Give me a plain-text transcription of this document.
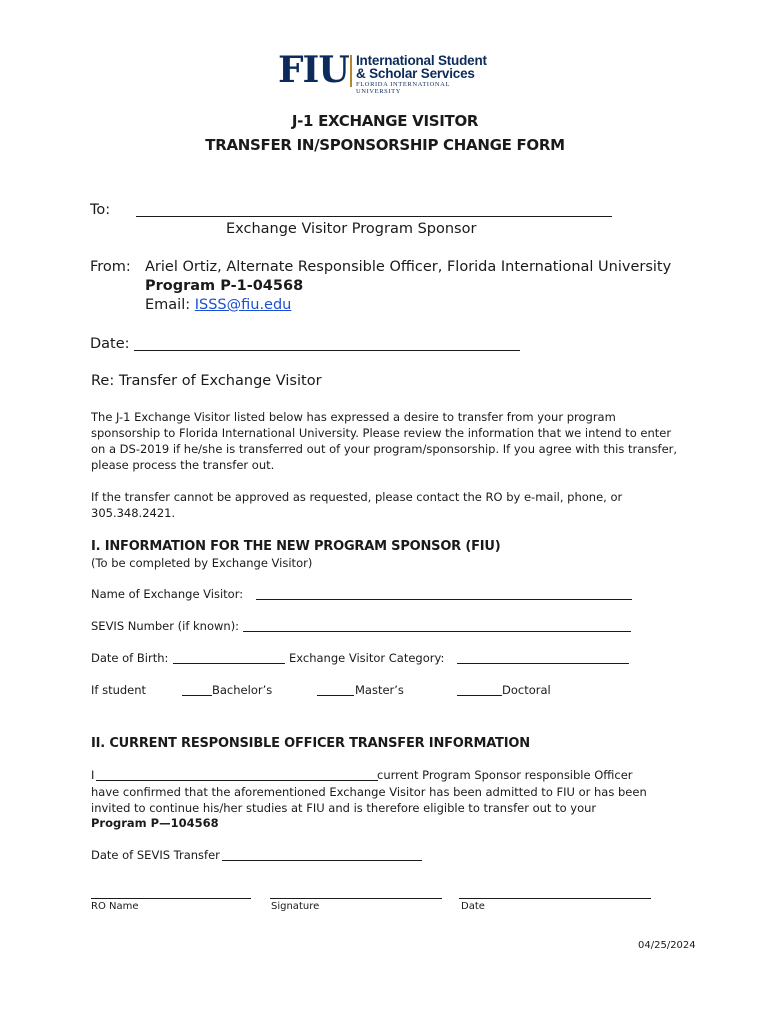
FIU International Student
& Scholar Services
FLORIDA INTERNATIONAL UNIVERSITY
J-1 EXCHANGE VISITOR
TRANSFER IN/SPONSORSHIP CHANGE FORM
To:
Exchange Visitor Program Sponsor
From: Ariel Ortiz, Alternate Responsible Officer, Florida International University
Program P-1-04568
Email: ISSS@fiu.edu
Date:
Re: Transfer of Exchange Visitor
The J-1 Exchange Visitor listed below has expressed a desire to transfer from your program sponsorship to Florida International University. Please review the information that we intend to enter on a DS-2019 if he/she is transferred out of your program/sponsorship. If you agree with this transfer, please process the transfer out.
If the transfer cannot be approved as requested, please contact the RO by e-mail, phone, or 305.348.2421.
I. INFORMATION FOR THE NEW PROGRAM SPONSOR (FIU)
(To be completed by Exchange Visitor)
Name of Exchange Visitor:
SEVIS Number (if known):
Date of Birth:	Exchange Visitor Category:
If student	Bachelor’s	Master’s	Doctoral
II. CURRENT RESPONSIBLE OFFICER TRANSFER INFORMATION
I	current Program Sponsor responsible Officer
have confirmed that the aforementioned Exchange Visitor has been admitted to FIU or has been invited to continue his/her studies at FIU and is therefore eligible to transfer out to your
Program P—104568
Date of SEVIS Transfer
RO Name	Signature	Date
04/25/2024
